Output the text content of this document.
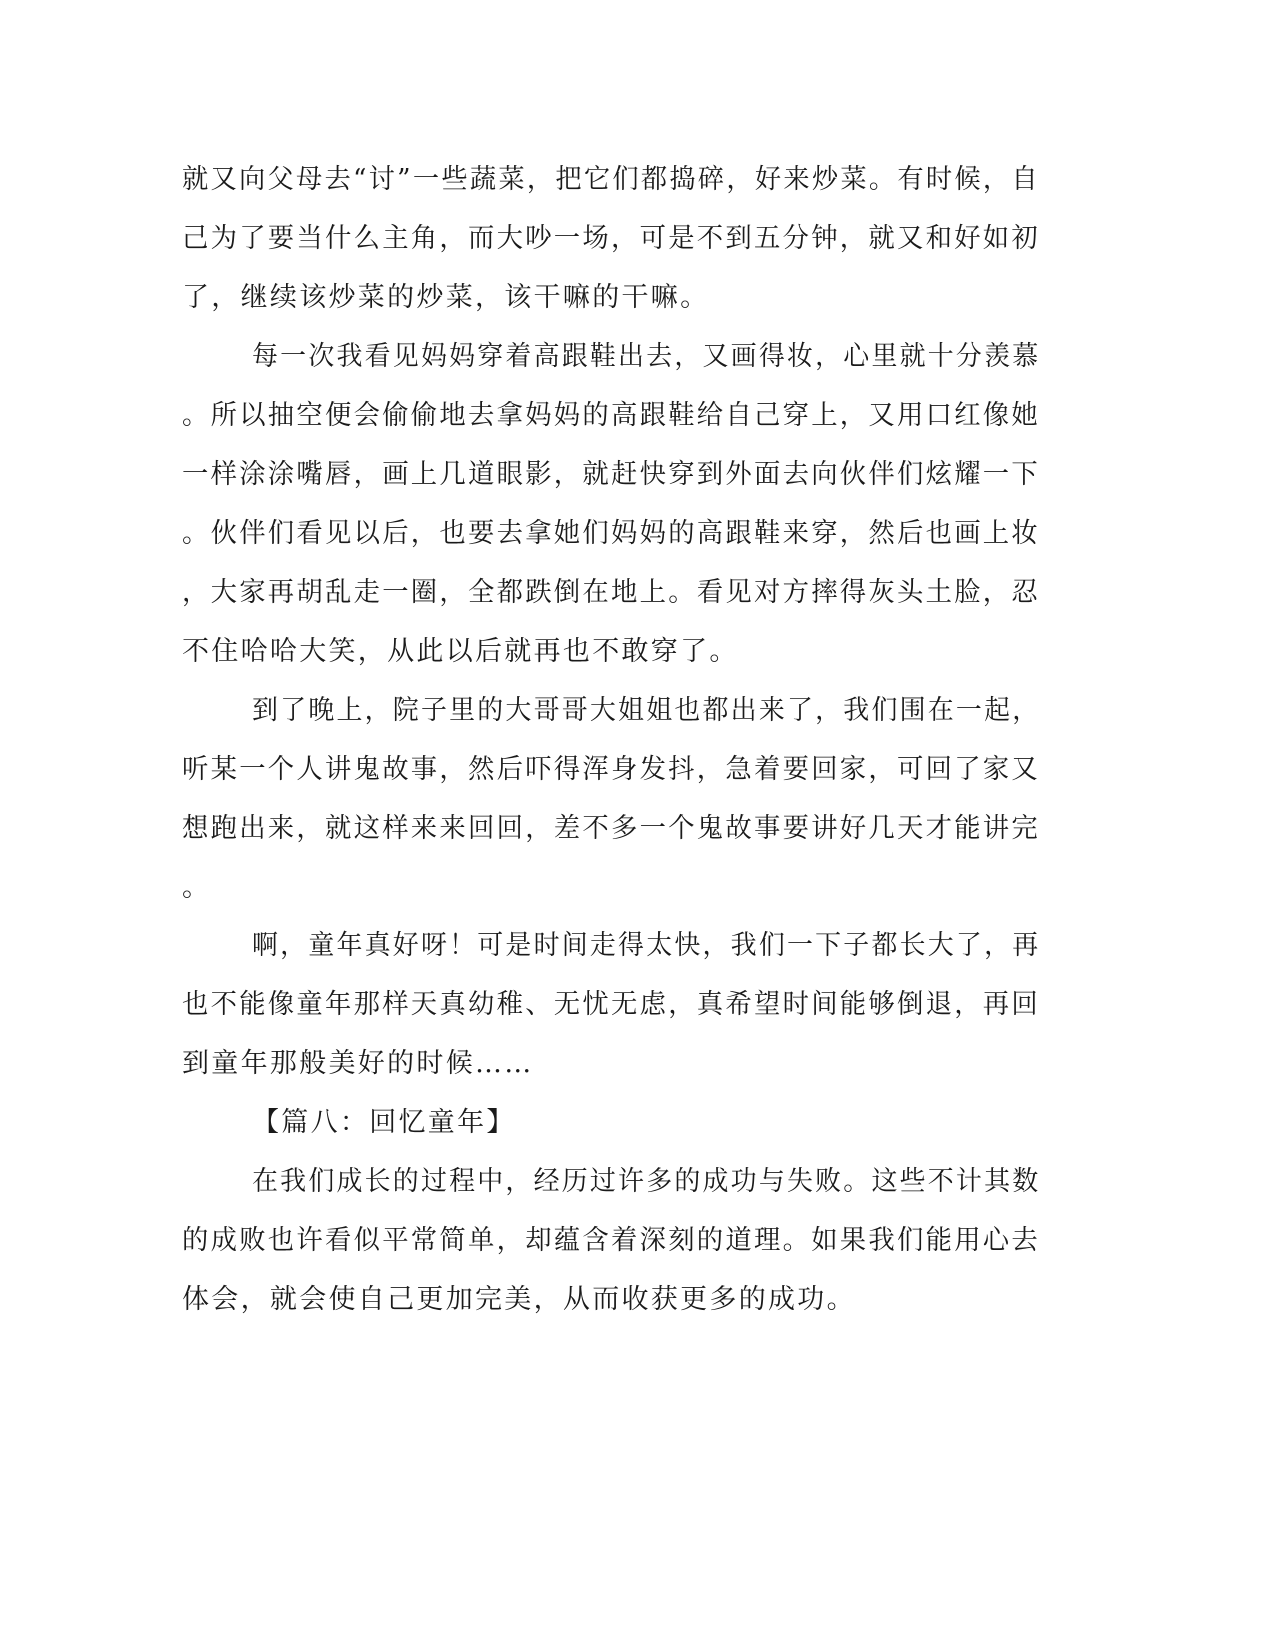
就又向父母去“讨”一些蔬菜，把它们都捣碎，好来炒菜。有时候，自
己为了要当什么主角，而大吵一场，可是不到五分钟，就又和好如初
了，继续该炒菜的炒菜，该干嘛的干嘛。
每一次我看见妈妈穿着高跟鞋出去，又画得妆，心里就十分羡慕
。所以抽空便会偷偷地去拿妈妈的高跟鞋给自己穿上，又用口红像她
一样涂涂嘴唇，画上几道眼影，就赶快穿到外面去向伙伴们炫耀一下
。伙伴们看见以后，也要去拿她们妈妈的高跟鞋来穿，然后也画上妆
，大家再胡乱走一圈，全都跌倒在地上。看见对方摔得灰头土脸，忍
不住哈哈大笑，从此以后就再也不敢穿了。
到了晚上，院子里的大哥哥大姐姐也都出来了，我们围在一起，
听某一个人讲鬼故事，然后吓得浑身发抖，急着要回家，可回了家又
想跑出来，就这样来来回回，差不多一个鬼故事要讲好几天才能讲完
。
啊，童年真好呀！可是时间走得太快，我们一下子都长大了，再
也不能像童年那样天真幼稚、无忧无虑，真希望时间能够倒退，再回
到童年那般美好的时候……
【篇八：回忆童年】
在我们成长的过程中，经历过许多的成功与失败。这些不计其数
的成败也许看似平常简单，却蕴含着深刻的道理。如果我们能用心去
体会，就会使自己更加完美，从而收获更多的成功。
